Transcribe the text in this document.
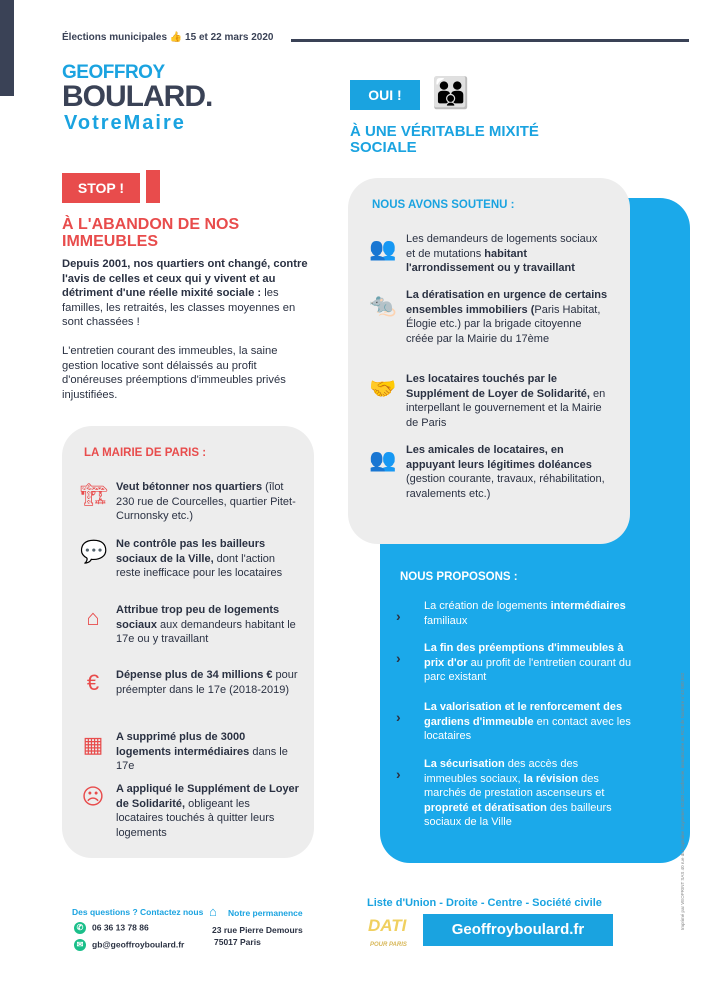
Élections municipales 👍 15 et 22 mars 2020
GEOFFROY
BOULARD.
VotreMaire
STOP !
À L'ABANDON DE NOS IMMEUBLES
Depuis 2001, nos quartiers ont changé, contre l'avis de celles et ceux qui y vivent et au détriment d'une réelle mixité sociale : les familles, les retraités, les classes moyennes en sont chassées !
L'entretien courant des immeubles, la saine gestion locative sont délaissés au profit d'onéreuses préemptions d'immeubles privés injustifiées.
LA MAIRIE DE PARIS :
🏗 Veut bétonner nos quartiers (îlot 230 rue de Courcelles, quartier Pitet-Curnonsky etc.)
💬 Ne contrôle pas les bailleurs sociaux de la Ville, dont l'action reste inefficace pour les locataires
⌂	Attribue trop peu de logements sociaux aux demandeurs habitant le 17e ou y travaillant
€	Dépense plus de 34 millions € pour préempter dans le 17e (2018-2019)
▦ A supprimé plus de 3000 logements intermédiaires dans le 17e
☹ A appliqué le Supplément de Loyer de Solidarité, obligeant les locataires touchés à quitter leurs logements
OUI !	👪
À UNE VÉRITABLE MIXITÉ SOCIALE
NOUS AVONS SOUTENU :
👥 Les demandeurs de logements sociaux et de mutations habitant l'arrondissement ou y travaillant
🐀 La dératisation en urgence de certains ensembles immobiliers (Paris Habitat, Élogie etc.) par la brigade citoyenne créée par la Mairie du 17ème
🤝 Les locataires touchés par le Supplément de Loyer de Solidarité, en interpellant le gouvernement et la Mairie de Paris
👥 Les amicales de locataires, en appuyant leurs légitimes doléances (gestion courante, travaux, réhabilitation, ravalements etc.)
NOUS PROPOSONS :
›
La création de logements intermédiaires familiaux
›
La fin des préemptions d'immeubles à prix d'or au profit de l'entretien courant du parc existant
›
La valorisation et le renforcement des gardiens d'immeuble en contact avec les locataires
›
La sécurisation des accès des immeubles sociaux, la révision des marchés de prestation ascenseurs et propreté et dératisation des bailleurs sociaux de la Ville
Des questions ? Contactez nous
✆ 06 36 13 78 86
✉ gb@geoffroyboulard.fr
⌂ Notre permanence
23 rue Pierre Demours
75017 Paris
Liste d'Union - Droite - Centre - Société civile
DATI
POUR PARIS
Geoffroyboulard.fr	Imprimé par VEOPRINT SAS 40 rue du Capitaine Guynemer 92400 Courbevoie, immatriculée au RCS de Nanterre n°43 080 562
